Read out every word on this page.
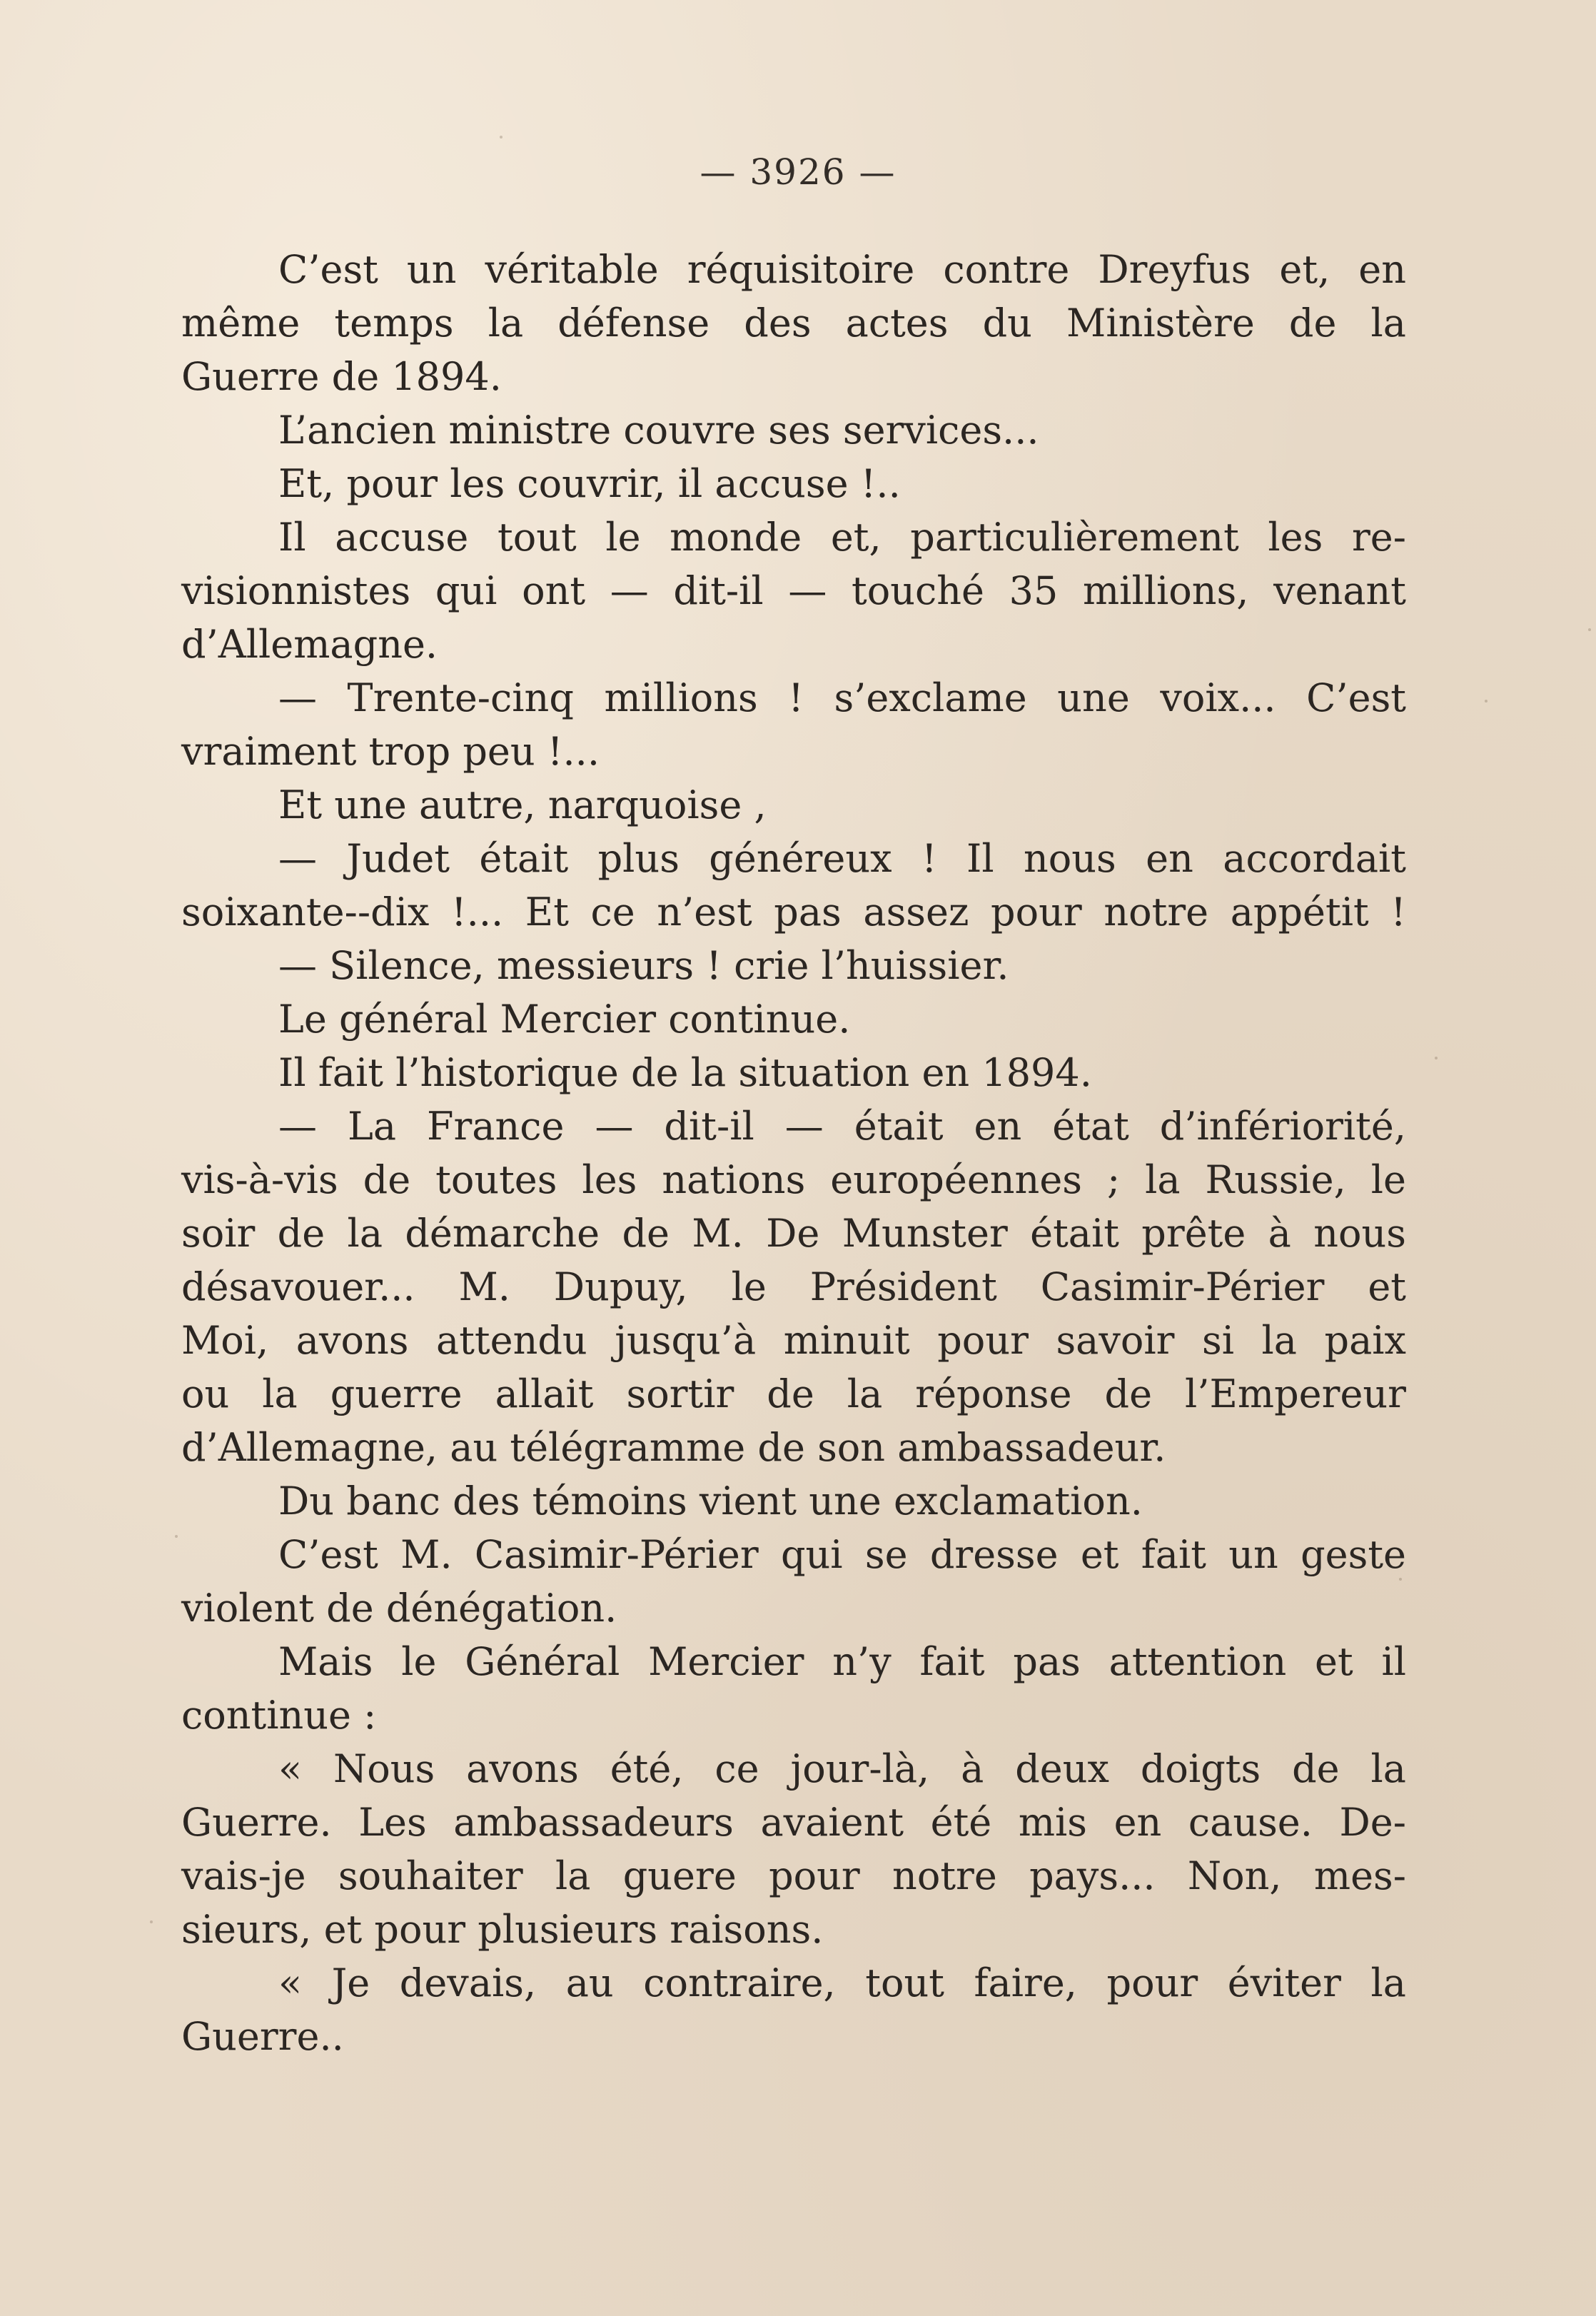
— 3926 —
C’est un véritable réquisitoire contre Dreyfus et, en
même temps la défense des actes du Ministère de la
Guerre de 1894.
L’ancien ministre couvre ses services...
Et, pour les couvrir, il accuse !..
Il accuse tout le monde et, particulièrement les re-
visionnistes qui ont — dit-il — touché 35 millions, venant
d’Allemagne.
— Trente-cinq millions ! s’exclame une voix... C’est
vraiment trop peu !...
Et une autre, narquoise ,
— Judet était plus généreux ! Il nous en accordait
soixante--dix !... Et ce n’est pas assez pour notre appétit !
— Silence, messieurs ! crie l’huissier.
Le général Mercier continue.
Il fait l’historique de la situation en 1894.
— La France — dit-il — était en état d’infériorité,
vis-à-vis de toutes les nations européennes ; la Russie, le
soir de la démarche de M. De Munster était prête à nous
désavouer... M. Dupuy, le Président Casimir-Périer et
Moi, avons attendu jusqu’à minuit pour savoir si la paix
ou la guerre allait sortir de la réponse de l’Empereur
d’Allemagne, au télégramme de son ambassadeur.
Du banc des témoins vient une exclamation.
C’est M. Casimir-Périer qui se dresse et fait un geste
violent de dénégation.
Mais le Général Mercier n’y fait pas attention et il
continue :
« Nous avons été, ce jour-là, à deux doigts de la
Guerre. Les ambassadeurs avaient été mis en cause. De-
vais-je souhaiter la guere pour notre pays... Non, mes-
sieurs, et pour plusieurs raisons.
« Je devais, au contraire, tout faire, pour éviter la
Guerre..
